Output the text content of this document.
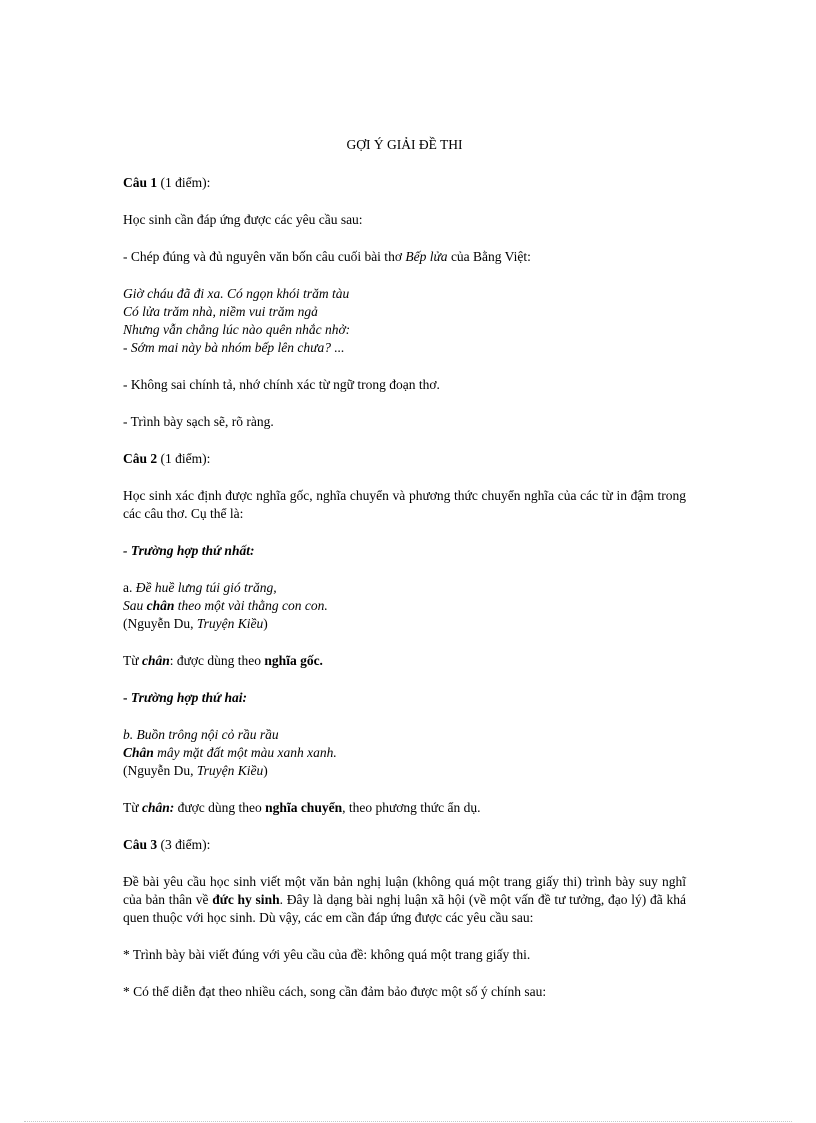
GỢI Ý GIẢI ĐỀ THI

Câu 1 (1 điểm):

Học sinh cần đáp ứng được các yêu cầu sau:

- Chép đúng và đủ nguyên văn bốn câu cuối bài thơ Bếp lửa của Bằng Việt:

Giờ cháu đã đi xa. Có ngọn khói trăm tàu

Có lửa trăm nhà, niềm vui trăm ngả

Nhưng vẫn chẳng lúc nào quên nhắc nhở:

- Sớm mai này bà nhóm bếp lên chưa? ...

- Không sai chính tả, nhớ chính xác từ ngữ trong đoạn thơ.

- Trình bày sạch sẽ, rõ ràng.

Câu 2 (1 điểm):

Học sinh xác định được nghĩa gốc, nghĩa chuyển và phương thức chuyển nghĩa của các từ in đậm trong các câu thơ. Cụ thể là:

- Trường hợp thứ nhất:

a. Đề huề lưng túi gió trăng,

Sau chân theo một vài thằng con con.

(Nguyễn Du, Truyện Kiều)

Từ chân: được dùng theo nghĩa gốc.

- Trường hợp thứ hai:

b. Buồn trông nội cỏ rầu rầu

Chân mây mặt đất một màu xanh xanh.

(Nguyễn Du, Truyện Kiều)

Từ chân: được dùng theo nghĩa chuyển, theo phương thức ẩn dụ.

Câu 3 (3 điểm):

Đề bài yêu cầu học sinh viết một văn bản nghị luận (không quá một trang giấy thi) trình bày suy nghĩ của bản thân về đức hy sinh. Đây là dạng bài nghị luận xã hội (về một vấn đề tư tưởng, đạo lý) đã khá quen thuộc với học sinh. Dù vậy, các em cần đáp ứng được các yêu cầu sau:

* Trình bày bài viết đúng với yêu cầu của đề: không quá một trang giấy thi.

* Có thể diễn đạt theo nhiều cách, song cần đảm bảo được một số ý chính sau:
